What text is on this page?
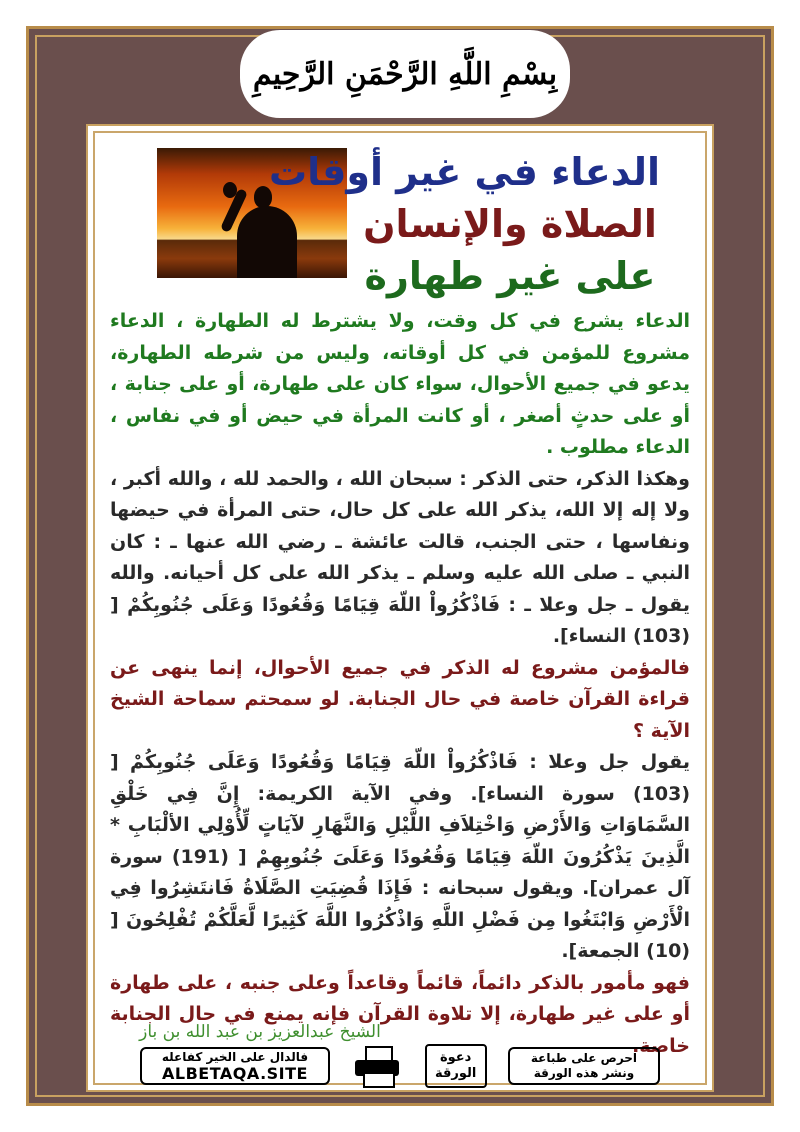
بِسْمِ اللَّهِ الرَّحْمَنِ الرَّحِيمِ
الدعاء في غير أوقات
الصلاة والإنسان
على غير طهارة

الدعاء يشرع في كل وقت، ولا يشترط له الطهارة ، الدعاء مشروع للمؤمن في كل أوقاته، وليس من شرطه الطهارة، يدعو في جميع الأحوال، سواء كان على طهارة، أو على جنابة ، أو على حدثٍ أصغر ، أو كانت المرأة في حيض أو في نفاس ، الدعاء مطلوب .

وهكذا الذكر، حتى الذكر : سبحان الله ، والحمد لله ، والله أكبر ، ولا إله إلا الله، يذكر الله على كل حال، حتى المرأة في حيضها ونفاسها ، حتى الجنب، قالت عائشة ـ رضي الله عنها ـ : كان النبي ـ صلى الله عليه وسلم ـ يذكر الله على كل أحيانه. والله يقول ـ جل وعلا ـ : فَاذْكُرُواْ اللّهَ قِيَامًا وَقُعُودًا وَعَلَى جُنُوبِكُمْ [ (103) النساء].

فالمؤمن مشروع له الذكر في جميع الأحوال، إنما ينهى عن قراءة القرآن خاصة في حال الجنابة. لو سمحتم سماحة الشيخ الآية ؟

يقول جل وعلا : فَاذْكُرُواْ اللّهَ قِيَامًا وَقُعُودًا وَعَلَى جُنُوبِكُمْ [ (103) سورة النساء]. وفي الآية الكريمة: إِنَّ فِي خَلْقِ السَّمَاوَاتِ وَالأَرْضِ وَاخْتِلاَفِ اللَّيْلِ وَالنَّهَارِ لآيَاتٍ لِّأُوْلِي الألْبَابِ * الَّذِينَ يَذْكُرُونَ اللّهَ قِيَامًا وَقُعُودًا وَعَلَىَ جُنُوبِهِمْ [ (191) سورة آل عمران]. ويقول سبحانه : فَإِذَا قُضِيَتِ الصَّلَاةُ فَانتَشِرُوا فِي الْأَرْضِ وَابْتَغُوا مِن فَضْلِ اللَّهِ وَاذْكُرُوا اللَّهَ كَثِيرًا لَّعَلَّكُمْ تُفْلِحُونَ [ (10) الجمعة].

فهو مأمور بالذكر دائماً، قائماً وقاعداً وعلى جنبه ، على طهارة أو على غير طهارة، إلا تلاوة القرآن فإنه يمنع في حال الجنابة خاصة.

الشيخ عبدالعزيز بن عبد الله بن باز
فالدال على الخير كفاعله
ALBETAQA.SITE
دعوة
الورقة
احرص على طباعة
ونشر هذه الورقة
